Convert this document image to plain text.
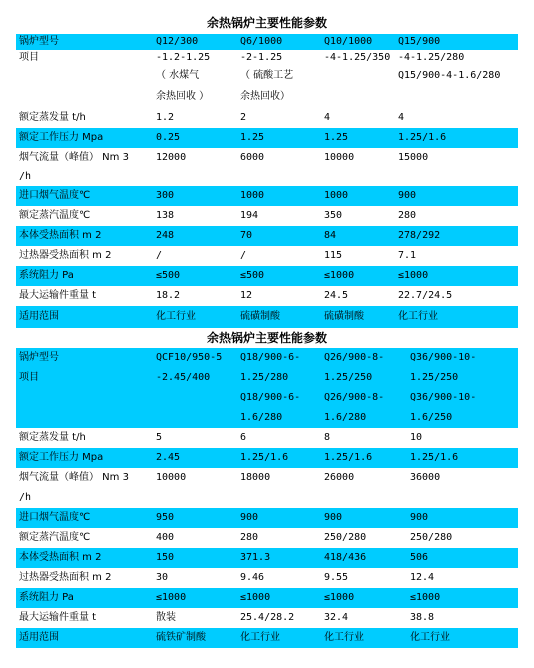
余热锅炉主要性能参数
锅炉型号	Q12/300	Q6/1000	Q10/1000	Q15/900
项目	-1.2-1.25	-2-1.25	-4-1.25/350	-4-1.25/280
	（ 水煤气	（ 硫酸工艺		Q15/900-4-1.6/280
	余热回收 ）	余热回收）		
额定蒸发量 t/h	1.2	2	4	4
额定工作压力 Mpa	0.25	1.25	1.25	1.25/1.6
烟气流量（峰值） Nm 3	12000	6000	10000	15000
/h				
进口烟气温度℃	300	1000	1000	900
额定蒸汽温度℃	138	194	350	280
本体受热面积 m 2	248	70	84	278/292
过热器受热面积 m 2	/	/	115	7.1
系统阻力 Pa	≤500	≤500	≤1000	≤1000
最大运输件重量 t	18.2	12	24.5	22.7/24.5
适用范围	化工行业	硫磺制酸	硫磺制酸	化工行业
余热锅炉主要性能参数
锅炉型号	QCF10/950-5	Q18/900-6-	Q26/900-8-	Q36/900-10-
项目	-2.45/400	1.25/280	1.25/250	1.25/250
		Q18/900-6-	Q26/900-8-	Q36/900-10-
		1.6/280	1.6/280	1.6/250
额定蒸发量 t/h	5	6	8	10
额定工作压力 Mpa	2.45	1.25/1.6	1.25/1.6	1.25/1.6
烟气流量（峰值） Nm 3	10000	18000	26000	36000
/h				
进口烟气温度℃	950	900	900	900
额定蒸汽温度℃	400	280	250/280	250/280
本体受热面积 m 2	150	371.3	418/436	506
过热器受热面积 m 2	30	9.46	9.55	12.4
系统阻力 Pa	≤1000	≤1000	≤1000	≤1000
最大运输件重量 t	散装	25.4/28.2	32.4	38.8
适用范围	硫铁矿制酸	化工行业	化工行业	化工行业
